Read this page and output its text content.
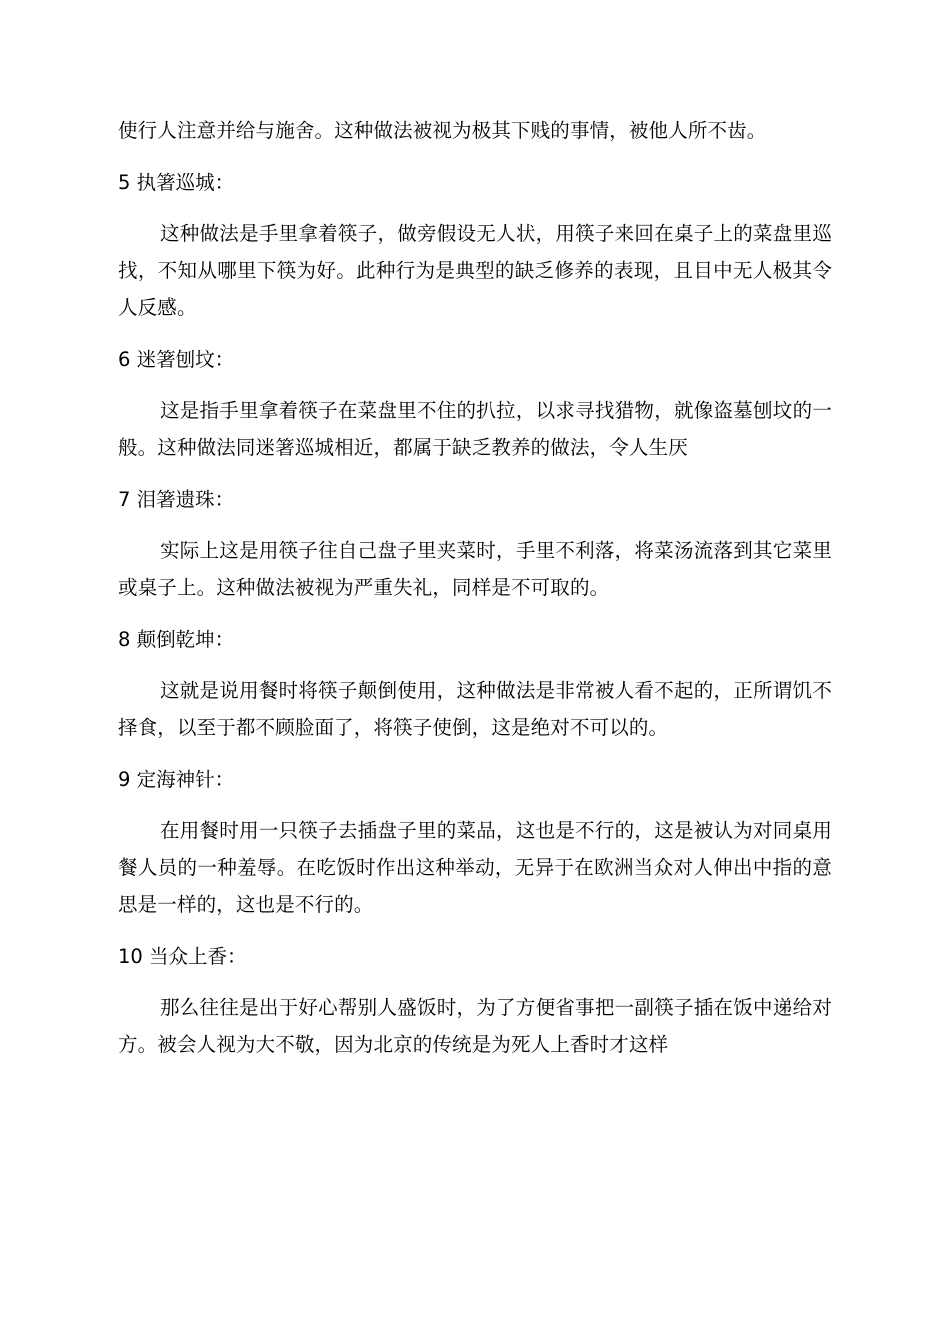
使行人注意并给与施舍。这种做法被视为极其下贱的事情，被他人所不齿。

5 执箸巡城：

这种做法是手里拿着筷子，做旁假设无人状，用筷子来回在桌子上的菜盘里巡找，不知从哪里下筷为好。此种行为是典型的缺乏修养的表现，且目中无人极其令人反感。

6 迷箸刨坟：

这是指手里拿着筷子在菜盘里不住的扒拉，以求寻找猎物，就像盗墓刨坟的一般。这种做法同迷箸巡城相近，都属于缺乏教养的做法，令人生厌

7 泪箸遗珠：

实际上这是用筷子往自己盘子里夹菜时，手里不利落，将菜汤流落到其它菜里或桌子上。这种做法被视为严重失礼，同样是不可取的。

8 颠倒乾坤：

这就是说用餐时将筷子颠倒使用，这种做法是非常被人看不起的，正所谓饥不择食，以至于都不顾脸面了，将筷子使倒，这是绝对不可以的。

9 定海神针：

在用餐时用一只筷子去插盘子里的菜品，这也是不行的，这是被认为对同桌用餐人员的一种羞辱。在吃饭时作出这种举动，无异于在欧洲当众对人伸出中指的意思是一样的，这也是不行的。

10 当众上香：

那么往往是出于好心帮别人盛饭时，为了方便省事把一副筷子插在饭中递给对方。被会人视为大不敬，因为北京的传统是为死人上香时才这样
